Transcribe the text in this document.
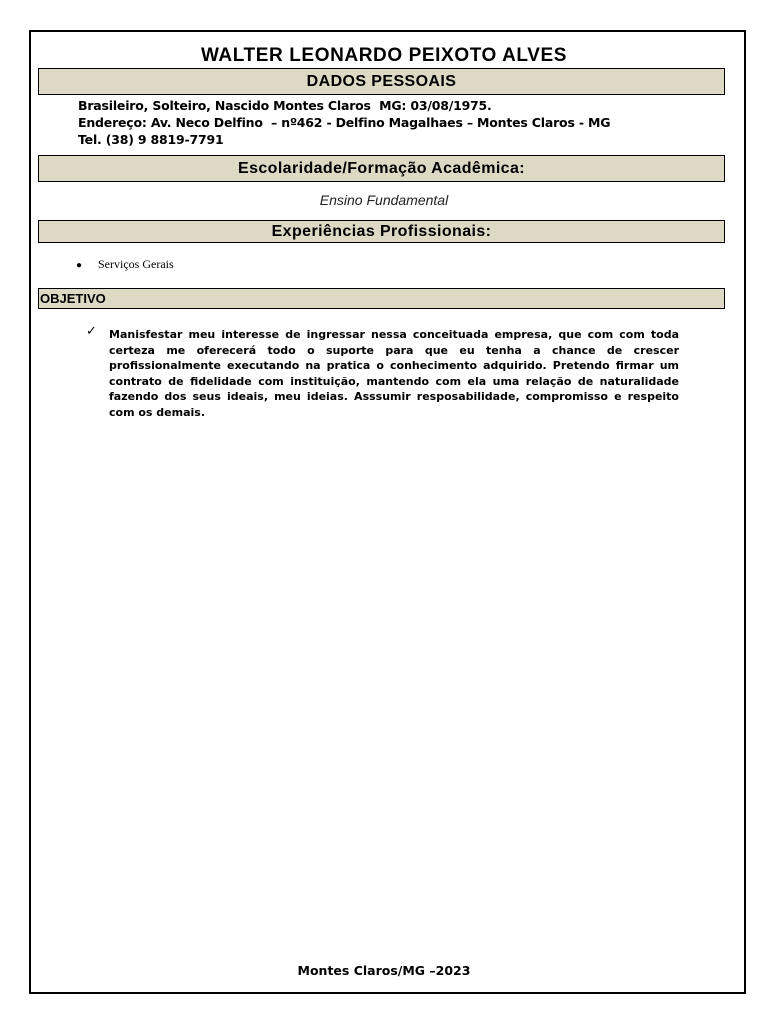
WALTER LEONARDO PEIXOTO ALVES
DADOS PESSOAIS
Brasileiro, Solteiro, Nascido Montes Claros  MG: 03/08/1975.
Endereço: Av. Neco Delfino  – nº462 - Delfino Magalhaes – Montes Claros - MG
Tel. (38) 9 8819-7791
Escolaridade/Formação Acadêmica:
Ensino Fundamental
Experiências Profissionais:
● Serviços Gerais
OBJETIVO
✓ Manisfestar meu interesse de ingressar nessa conceituada empresa, que com com toda certeza me oferecerá todo o suporte para que eu tenha a chance de crescer profissionalmente executando na pratica o conhecimento adquirido. Pretendo firmar um contrato de fidelidade com instituição, mantendo com ela uma relação de naturalidade fazendo dos seus ideais, meu ideias. Asssumir resposabilidade, compromisso e respeito com os demais.
Montes Claros/MG –2023
